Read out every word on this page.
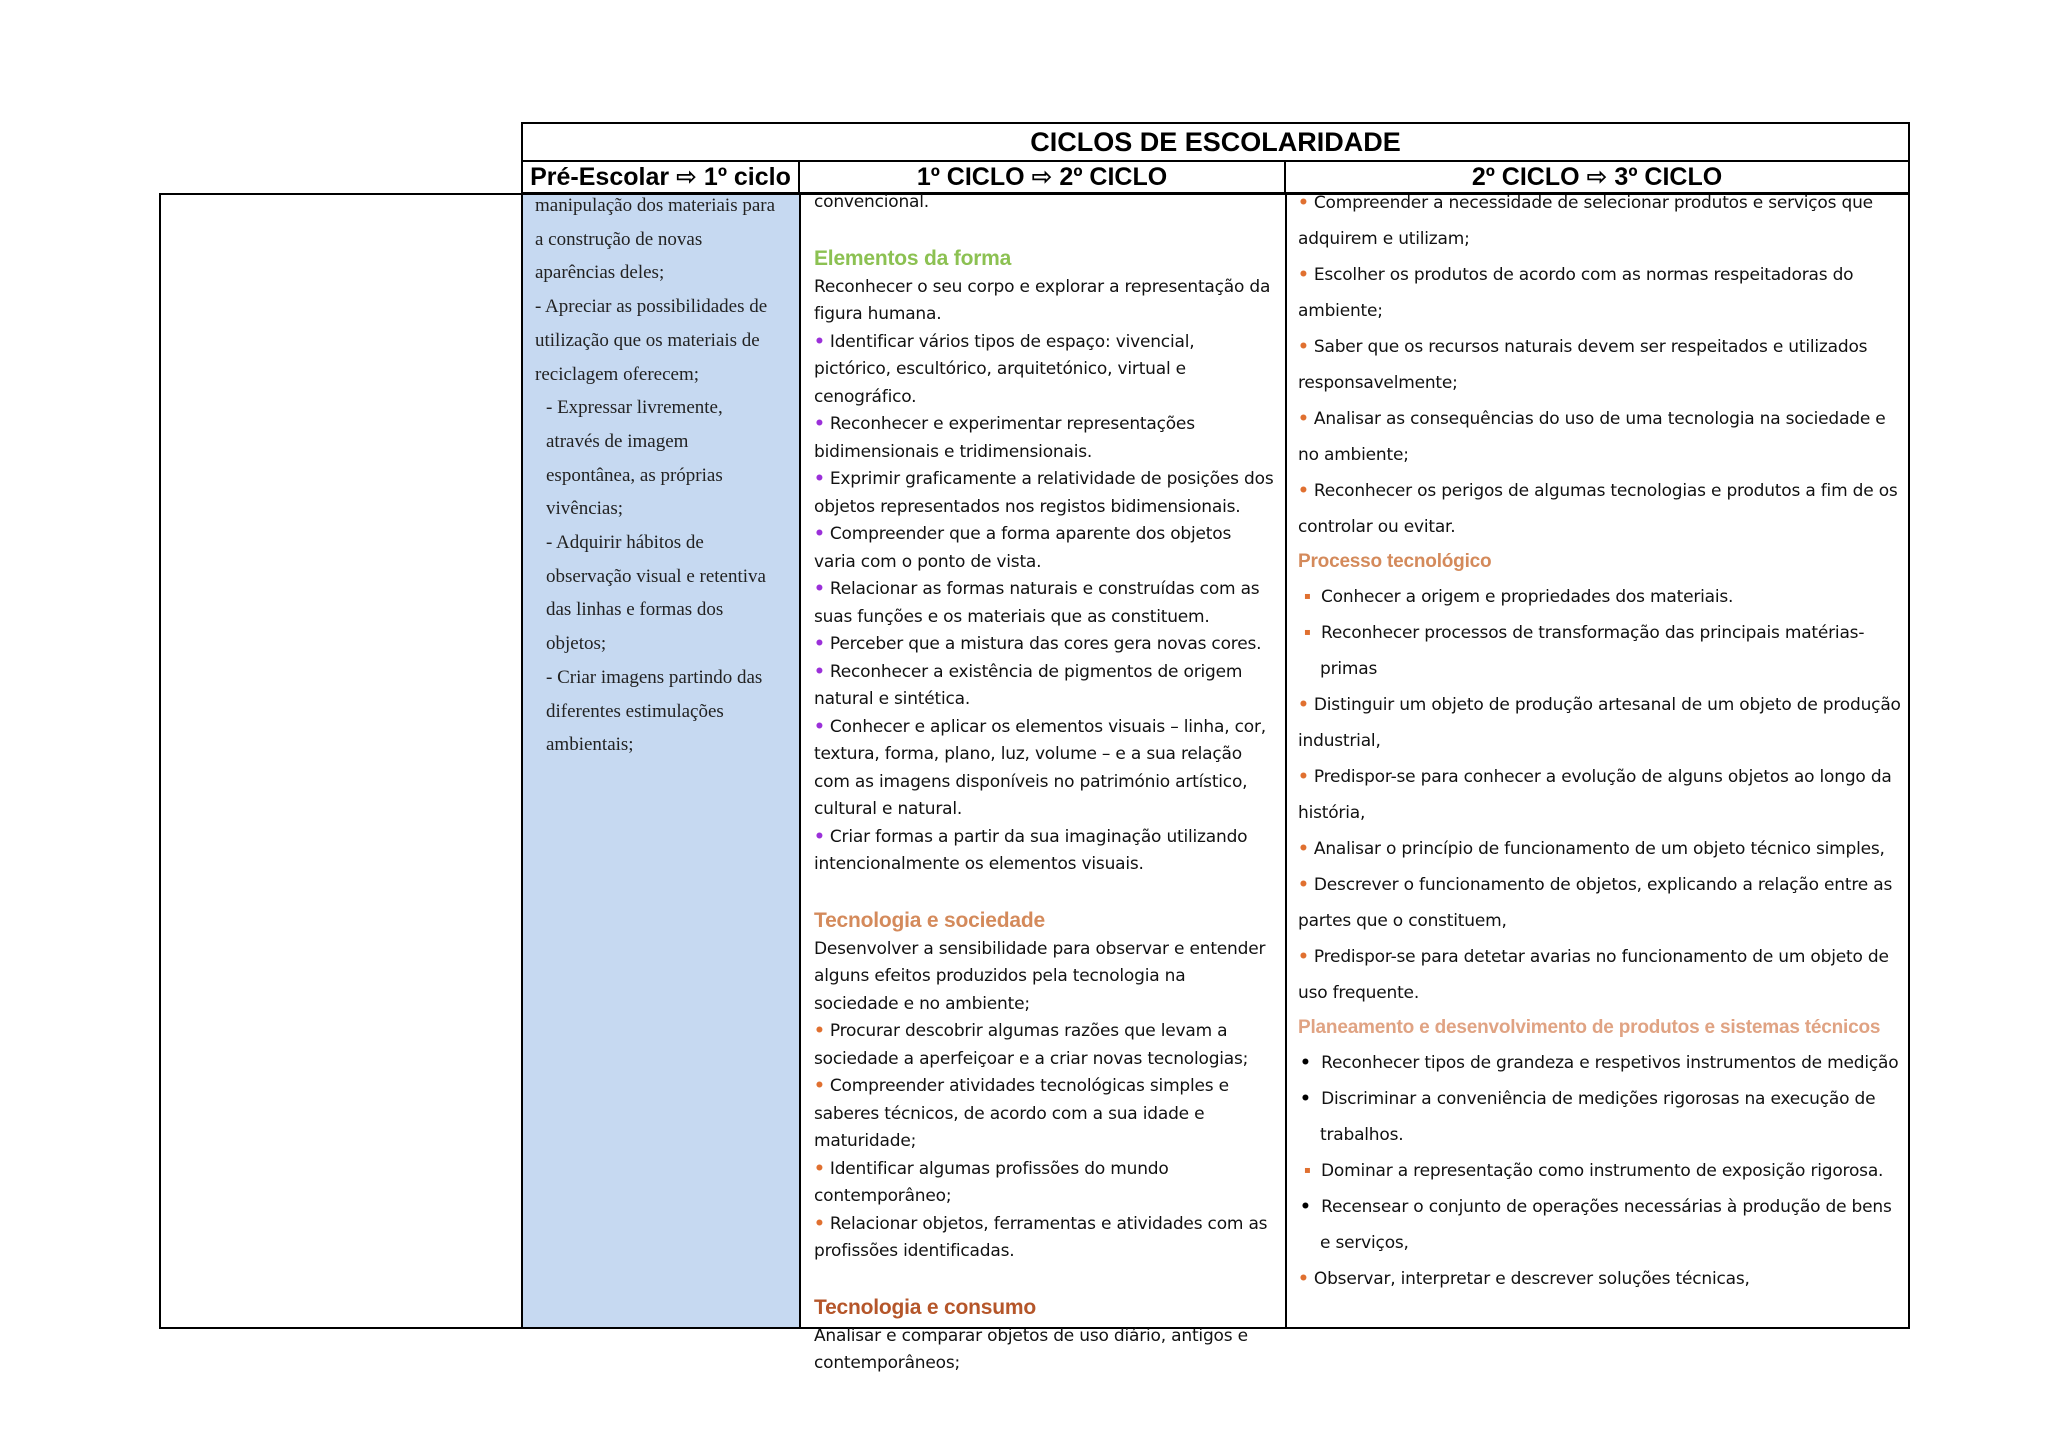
CICLOS DE ESCOLARIDADE
Pré-Escolar ⇨ 1º ciclo	1º CICLO ⇨ 2º CICLO	2º CICLO ⇨ 3º CICLO

manipulação dos materiais para

a construção de novas

aparências deles;

- Apreciar as possibilidades de

utilização que os materiais de

reciclagem oferecem;

- Expressar livremente,

através de imagem

espontânea, as próprias

vivências;

- Adquirir hábitos de

observação visual e retentiva

das linhas e formas dos

objetos;

- Criar imagens partindo das

diferentes estimulações

ambientais;

convencional.

Elementos da forma

Reconhecer o seu corpo e explorar a representação da figura humana.

• Identificar vários tipos de espaço: vivencial, pictórico, escultórico, arquitetónico, virtual e cenográfico.

• Reconhecer e experimentar representações bidimensionais e tridimensionais.

• Exprimir graficamente a relatividade de posições dos objetos representados nos registos bidimensionais.

• Compreender que a forma aparente dos objetos varia com o ponto de vista.

• Relacionar as formas naturais e construídas com as suas funções e os materiais que as constituem.

• Perceber que a mistura das cores gera novas cores.

• Reconhecer a existência de pigmentos de origem natural e sintética.

• Conhecer e aplicar os elementos visuais – linha, cor, textura, forma, plano, luz, volume – e a sua relação com as imagens disponíveis no património artístico, cultural e natural.

• Criar formas a partir da sua imaginação utilizando intencionalmente os elementos visuais.

Tecnologia e sociedade

Desenvolver a sensibilidade para observar e entender alguns efeitos produzidos pela tecnologia na sociedade e no ambiente;

• Procurar descobrir algumas razões que levam a sociedade a aperfeiçoar e a criar novas tecnologias;

• Compreender atividades tecnológicas simples e saberes técnicos, de acordo com a sua idade e maturidade;

• Identificar algumas profissões do mundo contemporâneo;

• Relacionar objetos, ferramentas e atividades com as profissões identificadas.

Tecnologia e consumo

Analisar e comparar objetos de uso diário, antigos e contemporâneos;

• Compreender a necessidade de selecionar produtos e serviços que adquirem e utilizam;

• Escolher os produtos de acordo com as normas respeitadoras do ambiente;

• Saber que os recursos naturais devem ser respeitados e utilizados responsavelmente;

• Analisar as consequências do uso de uma tecnologia na sociedade e no ambiente;

• Reconhecer os perigos de algumas tecnologias e produtos a fim de os controlar ou evitar.

Processo tecnológico

▪ Conhecer a origem e propriedades dos materiais.

▪ Reconhecer processos de transformação das principais matérias-primas

• Distinguir um objeto de produção artesanal de um objeto de produção industrial,

• Predispor-se para conhecer a evolução de alguns objetos ao longo da história,

• Analisar o princípio de funcionamento de um objeto técnico simples,

• Descrever o funcionamento de objetos, explicando a relação entre as partes que o constituem,

• Predispor-se para detetar avarias no funcionamento de um objeto de uso frequente.

Planeamento e desenvolvimento de produtos e sistemas técnicos

• Reconhecer tipos de grandeza e respetivos instrumentos de medição

• Discriminar a conveniência de medições rigorosas na execução de trabalhos.

▪ Dominar a representação como instrumento de exposição rigorosa.

• Recensear o conjunto de operações necessárias à produção de bens e serviços,

• Observar, interpretar e descrever soluções técnicas,
